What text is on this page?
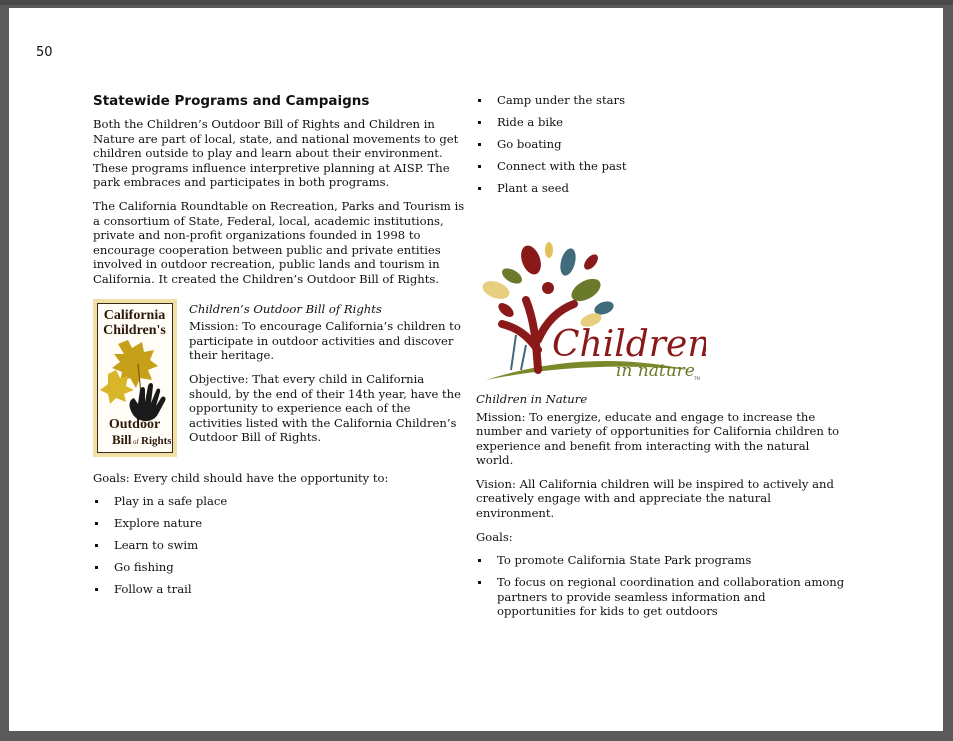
50
Statewide Programs and Campaigns

Both the Children’s Outdoor Bill of Rights and Children in Nature are part of local, state, and national movements to get children outside to play and learn about their environment. These programs influence interpretive planning at AISP. The park embraces and participates in both programs.

The California Roundtable on Recreation, Parks and Tourism is a consortium of State, Federal, local, academic institutions, private and non-profit organizations founded in 1998 to encourage cooperation between public and private entities involved in outdoor recreation, public lands and tourism in California. It created the Children’s Outdoor Bill of Rights.

California
Children's
Outdoor
Bill of Rights

Children’s Outdoor Bill of Rights

Mission: To encourage California’s children to participate in outdoor activities and discover their heritage.

Objective: That every child in California should, by the end of their 14th year, have the opportunity to experience each of the activities listed with the California Children’s Outdoor Bill of Rights.

Goals: Every child should have the opportunity to:

Play in a safe place
Explore nature
Learn to swim
Go fishing
Follow a trail
Camp under the stars
Ride a bike
Go boating
Connect with the past
Plant a seed
Children
in nature TM

Children in Nature

Mission: To energize, educate and engage to increase the number and variety of opportunities for California children to experience and benefit from interacting with the natural world.

Vision: All California children will be inspired to actively and creatively engage with and appreciate the natural environment.

Goals:

To promote California State Park programs
To focus on regional coordination and collaboration among partners to provide seamless information and opportunities for kids to get outdoors
